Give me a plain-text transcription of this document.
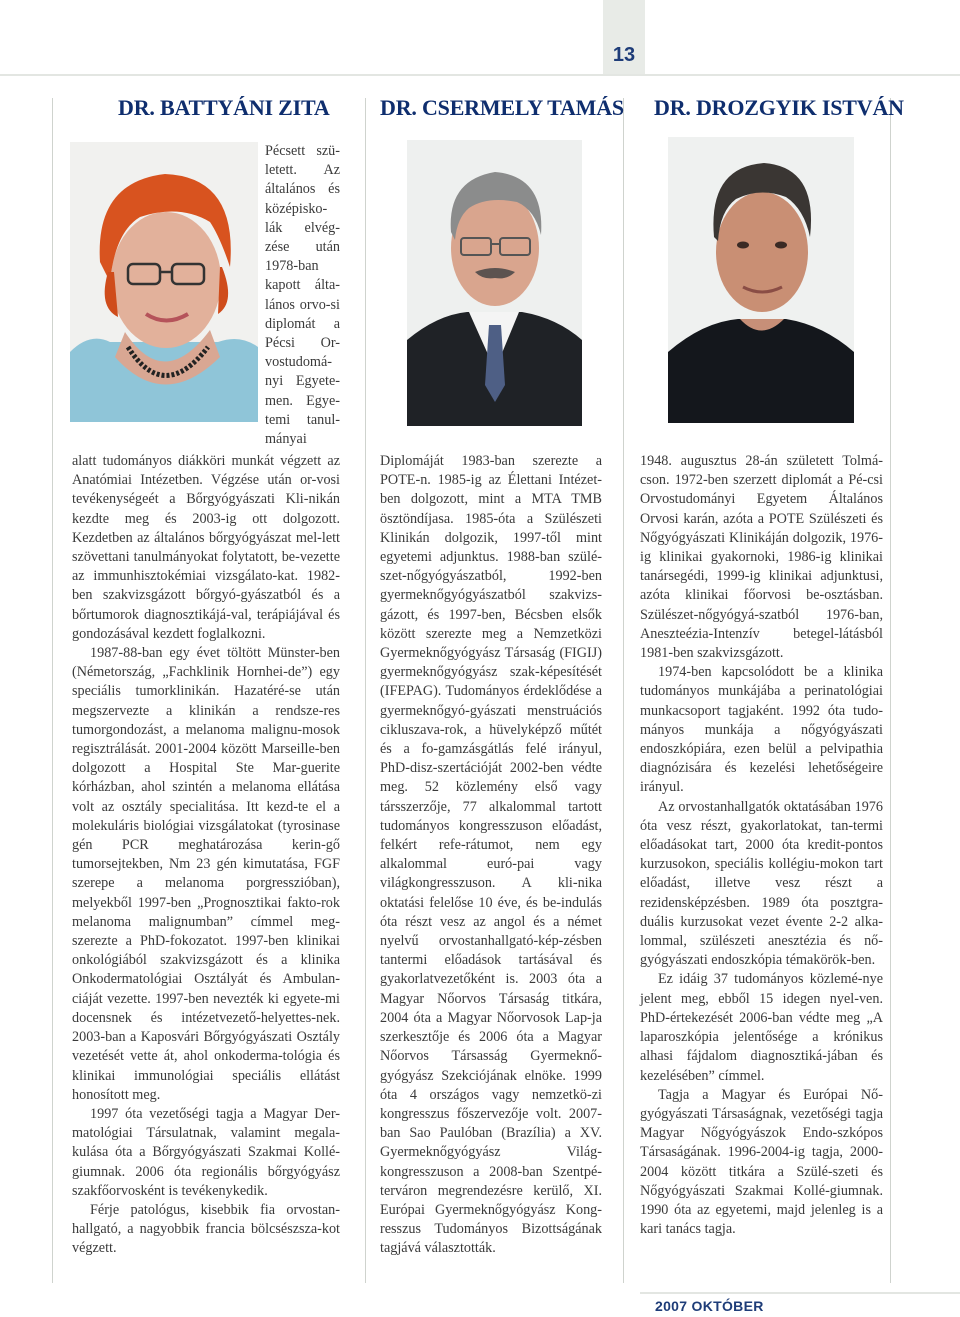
13
DR. BATTYÁNI ZITA
Pécsett szü-letett. Az általános és középisko-lák elvég-zése után 1978-ban kapott álta-lános orvo-si diplomát a Pécsi Or-vostudomá-nyi Egyete-men. Egye-temi tanul-mányai

alatt tudományos diákköri munkát végzett az Anatómiai Intézetben. Végzése után or-vosi tevékenységeét a Bőrgyógyászati Kli-nikán kezdte meg és 2003-ig ott dolgozott. Kezdetben az általános bőrgyógyászat mel-lett szövettani tanulmányokat folytatott, be-vezette az immunhisztokémiai vizsgálato-kat. 1982-ben szakvizsgázott bőrgyó-gyászatból és a bőrtumorok diagnosztikájá-val, terápiájával és gondozásával kezdett foglalkozni.

1987-88-ban egy évet töltött Münster-ben (Németország, „Fachklinik Hornhei-de”) egy speciális tumorklinikán. Hazatéré-se után megszervezte a klinikán a rendsze-res tumorgondozást, a melanoma malignu-mosok regisztrálását. 2001-2004 között Marseille-ben dolgozott a Hospital Ste Mar-guerite kórházban, ahol szintén a melanoma ellátása volt az osztály specialitása. Itt kezd-te el a molekuláris biológiai vizsgálatokat (tyrosinase gén PCR meghatározása kerin-gő tumorsejtekben, Nm 23 gén kimutatása, FGF szerepe a melanoma porgresszióban), melyekből 1997-ben „Prognosztikai fakto-rok melanoma malignumban” címmel meg-szerezte a PhD-fokozatot. 1997-ben klinikai onkológiából szakvizsgázott és a klinika Onkodermatológiai Osztályát és Ambulan-ciáját vezette. 1997-ben nevezték ki egyete-mi docensnek és intézetvezető-helyettes-nek. 2003-ban a Kaposvári Bőrgyógyászati Osztály vezetését vette át, ahol onkoderma-tológia és klinikai immunológiai speciális ellátást honosított meg.

1997 óta vezetőségi tagja a Magyar Der-matológiai Társulatnak, valamint megala-kulása óta a Bőrgyógyászati Szakmai Kollé-giumnak. 2006 óta regionális bőrgyógyász szakfőorvosként is tevékenykedik.

Férje patológus, kisebbik fia orvostan-hallgató, a nagyobbik francia bölcsészsza-kot végzett.

DR. CSERMELY TAMÁS

Diplomáját 1983-ban szerezte a POTE-n. 1985-ig az Élettani Intézet-ben dolgozott, mint a MTA TMB ösztöndíjasa. 1985-óta a Szülészeti Klinikán dolgozik, 1997-től mint egyetemi adjunktus. 1988-ban szülé-szet-nőgyógyászatból, 1992-ben gyermeknőgyógyászatból szakvizs-gázott, és 1997-ben, Bécsben elsők között szerezte meg a Nemzetközi Gyermeknőgyógyász Társaság (FIGIJ) gyermeknőgyógyász szak-képesítését (IFEPAG). Tudományos érdeklődése a gyermeknőgyó-gyászati menstruációs cikluszava-rok, a hüvelyképző műtét és a fo-gamzásgátlás felé irányul, PhD-disz-szertációját 2002-ben védte meg. 52 közlemény első vagy társszerzője, 77 alkalommal tartott tudományos kongresszuson előadást, felkért refe-rátumot, nem egy alkalommal euró-pai vagy világkongresszuson. A kli-nika oktatási felelőse 10 éve, és be-indulás óta részt vesz az angol és a német nyelvű orvostanhallgató-kép-zésben tantermi előadások tartásával és gyakorlatvezetőként is. 2003 óta a Magyar Nőorvos Társaság titkára, 2004 óta a Magyar Nőorvosok Lap-ja szerkesztője és 2006 óta a Magyar Nőorvos Társasság Gyermeknő-gyógyász Szekciójának elnöke. 1999 óta 4 országos vagy nemzetkö-zi kongresszus főszervezője volt. 2007-ban Sao Paulóban (Brazília) a XV. Gyermeknőgyógyász Világ-kongresszuson a 2008-ban Szentpé-terváron megrendezésre kerülő, XI. Európai Gyermeknőgyógyász Kong-resszus Tudományos Bizottságának tagjává választották.

DR. DROZGYIK ISTVÁN

1948. augusztus 28-án született Tolmá-cson. 1972-ben szerzett diplomát a Pé-csi Orvostudományi Egyetem Általános Orvosi karán, azóta a POTE Szülészeti és Nőgyógyászati Klinikáján dolgozik, 1976-ig klinikai gyakornoki, 1986-ig klinikai tanársegédi, 1999-ig klinikai adjunktusi, azóta klinikai főorvosi be-osztásban. Szülészet-nőgyógyá-szatból 1976-ban, Aneszteézia-Intenzív betegel-látásból 1981-ben szakvizsgázott.

1974-ben kapcsolódott be a klinika tudományos munkájába a perinatológiai munkacsoport tagjaként. 1992 óta tudo-mányos munkája a nőgyógyászati endoszkópiára, ezen belül a pelvipathia diagnózisára és kezelési lehetőségeire irányul.

Az orvostanhallgatók oktatásában 1976 óta vesz részt, gyakorlatokat, tan-termi előadásokat tart, 2000 óta kredit-pontos kurzusokon, speciális kollégiu-mokon tart előadást, illetve vesz részt a rezidensképzésben. 1989 óta posztgra-duális kurzusokat vezet évente 2-2 alka-lommal, szülészeti anesztézia és nő-gyógyászati endoszkópia témakörök-ben.

Ez idáig 37 tudományos közlemé-nye jelent meg, ebből 15 idegen nyel-ven. PhD-értekezését 2006-ban védte meg „A laparoszkópia jelentősége a krónikus alhasi fájdalom diagnosztiká-jában és kezelésében” címmel.

Tagja a Magyar és Európai Nő-gyógyászati Társaságnak, vezetőségi tagja Magyar Nőgyógyászok Endo-szkópos Társaságának. 1996-2004-ig tagja, 2000-2004 között titkára a Szülé-szeti és Nőgyógyászati Szakmai Kollé-giumnak. 1990 óta az egyetemi, majd jelenleg is a kari tanács tagja.

2007 OKTÓBER
